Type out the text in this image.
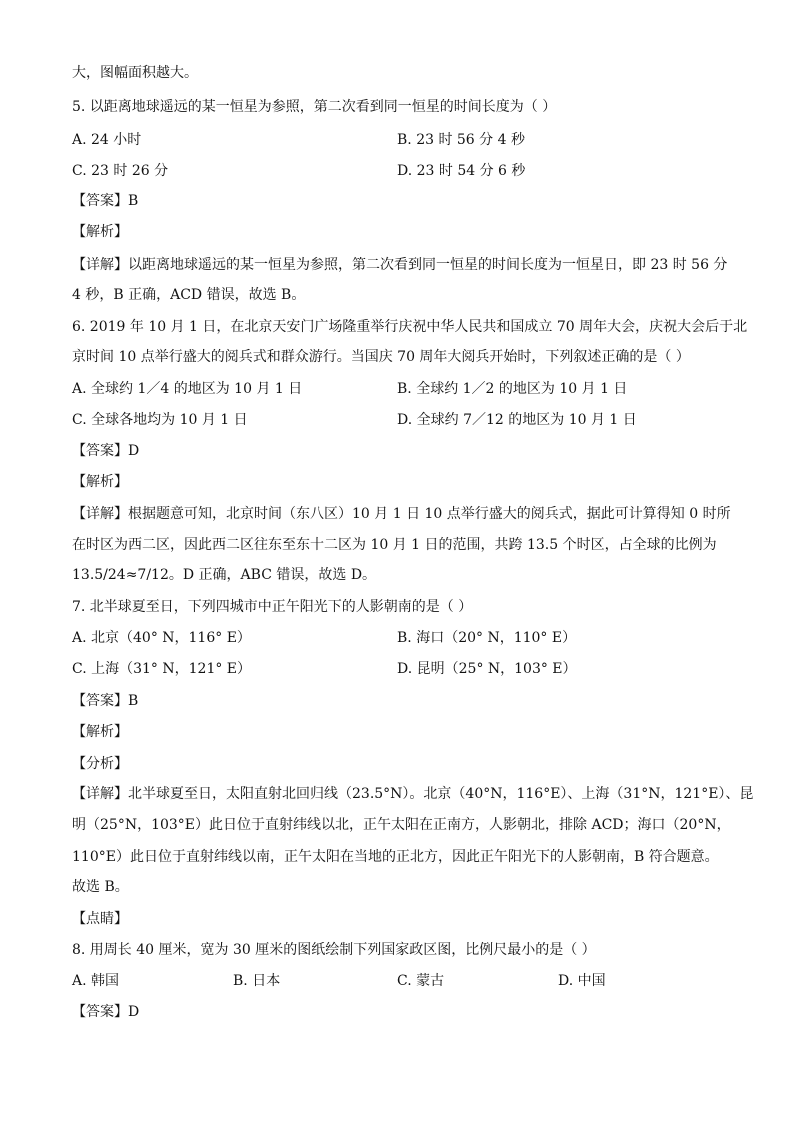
大，图幅面积越大。
5. 以距离地球遥远的某一恒星为参照，第二次看到同一恒星的时间长度为（ ）
A. 24 小时	B. 23 时 56 分 4 秒
C. 23 时 26 分	D. 23 时 54 分 6 秒
【答案】B
【解析】
【详解】以距离地球遥远的某一恒星为参照，第二次看到同一恒星的时间长度为一恒星日，即 23 时 56 分
4 秒，B 正确，ACD 错误，故选 B。
6. 2019 年 10 月 1 日，在北京天安门广场隆重举行庆祝中华人民共和国成立 70 周年大会，庆祝大会后于北
京时间 10 点举行盛大的阅兵式和群众游行。当国庆 70 周年大阅兵开始时，下列叙述正确的是（ ）
A. 全球约 1／4 的地区为 10 月 1 日	B. 全球约 1／2 的地区为 10 月 1 日
C. 全球各地均为 10 月 1 日	D. 全球约 7／12 的地区为 10 月 1 日
【答案】D
【解析】
【详解】根据题意可知，北京时间（东八区）10 月 1 日 10 点举行盛大的阅兵式，据此可计算得知 0 时所
在时区为西二区，因此西二区往东至东十二区为 10 月 1 日的范围，共跨 13.5 个时区，占全球的比例为
13.5/24≈7/12。D 正确，ABC 错误，故选 D。
7. 北半球夏至日，下列四城市中正午阳光下的人影朝南的是（ ）
A. 北京（40° N，116° E）	B. 海口（20° N，110° E）
C. 上海（31° N，121° E）	D. 昆明（25° N，103° E）
【答案】B
【解析】
【分析】
【详解】北半球夏至日，太阳直射北回归线（23.5°N）。北京（40°N，116°E）、上海（31°N，121°E）、昆
明（25°N，103°E）此日位于直射纬线以北，正午太阳在正南方，人影朝北，排除 ACD；海口（20°N，
110°E）此日位于直射纬线以南，正午太阳在当地的正北方，因此正午阳光下的人影朝南，B 符合题意。
故选 B。
【点睛】
8. 用周长 40 厘米，宽为 30 厘米的图纸绘制下列国家政区图，比例尺最小的是（ ）
A. 韩国	B. 日本	C. 蒙古	D. 中国
【答案】D
